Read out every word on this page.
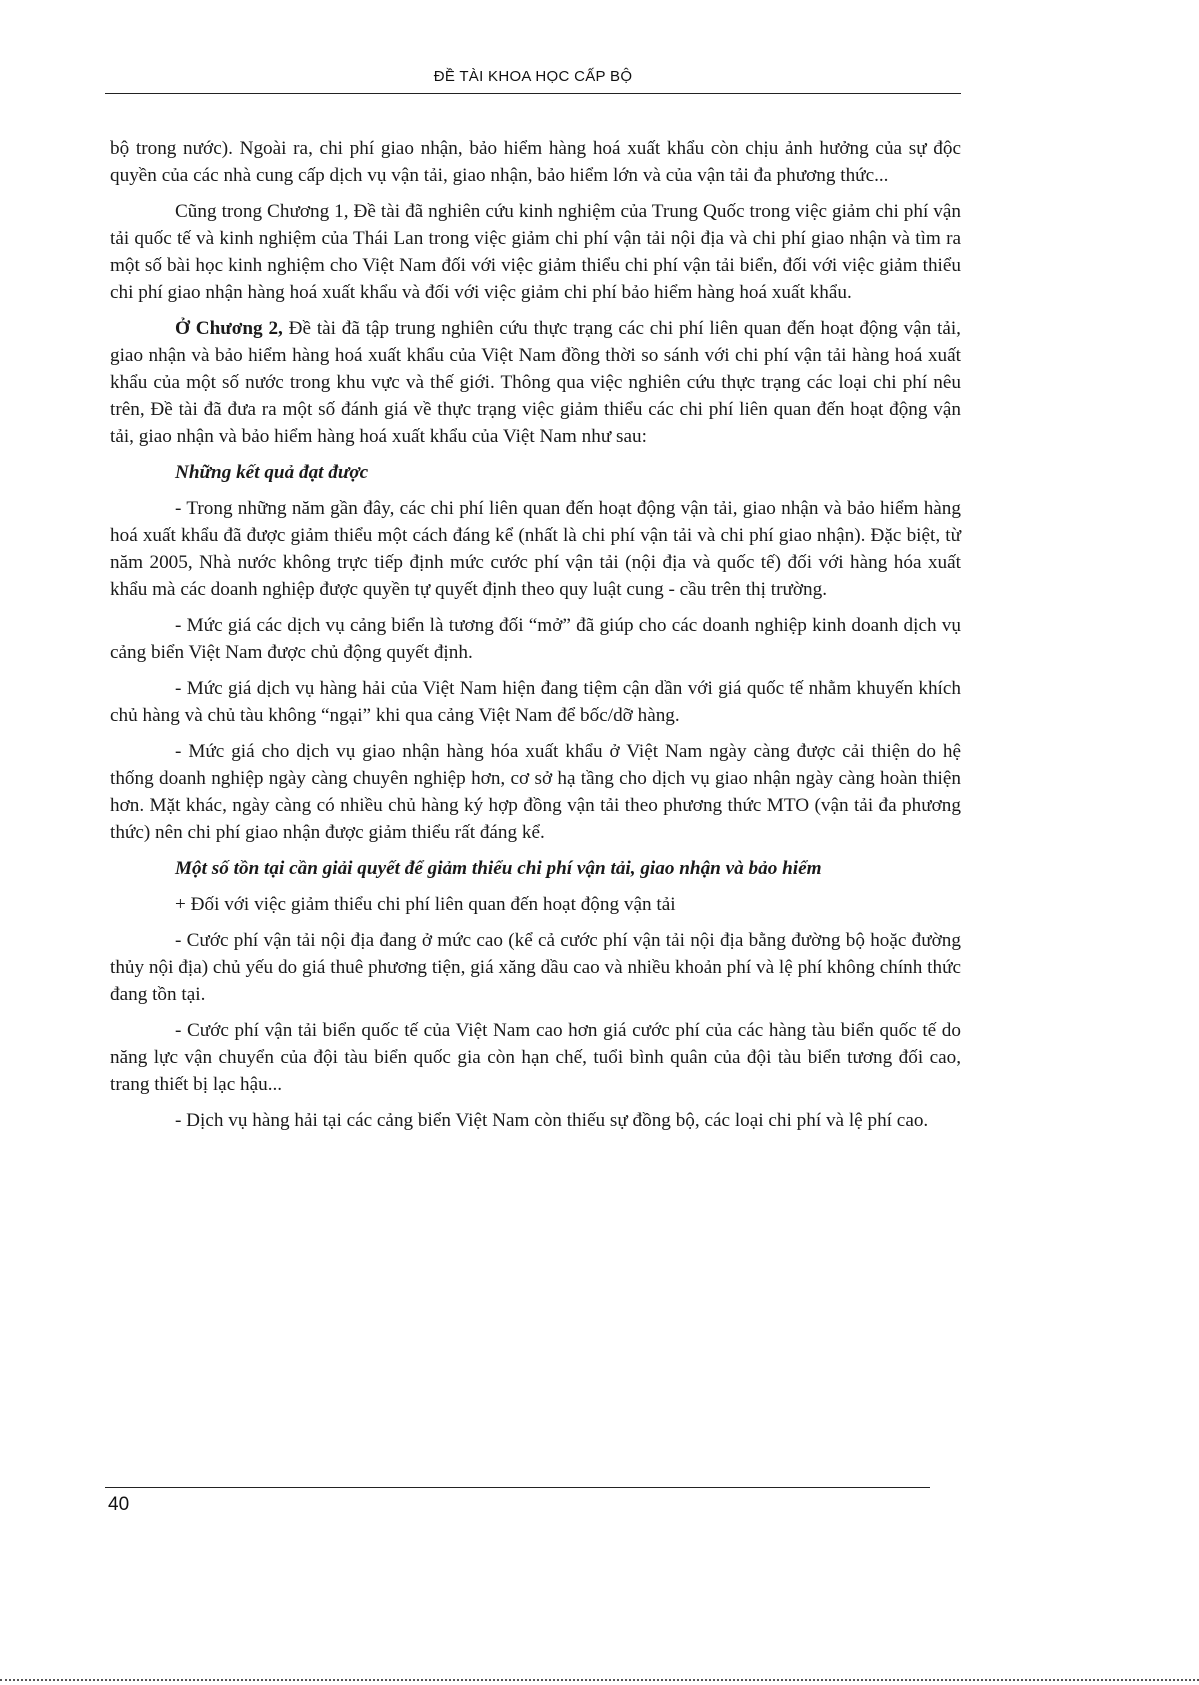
ĐỀ TÀI KHOA HỌC CẤP BỘ

bộ trong nước). Ngoài ra, chi phí giao nhận, bảo hiểm hàng hoá xuất khẩu còn chịu ảnh hưởng của sự độc quyền của các nhà cung cấp dịch vụ vận tải, giao nhận, bảo hiểm lớn và của vận tải đa phương thức...

Cũng trong Chương 1, Đề tài đã nghiên cứu kinh nghiệm của Trung Quốc trong việc giảm chi phí vận tải quốc tế và kinh nghiệm của Thái Lan trong việc giảm chi phí vận tải nội địa và chi phí giao nhận và tìm ra một số bài học kinh nghiệm cho Việt Nam đối với việc giảm thiểu chi phí vận tải biển, đối với việc giảm thiểu chi phí giao nhận hàng hoá xuất khẩu và đối với việc giảm chi phí bảo hiểm hàng hoá xuất khẩu.

Ở Chương 2, Đề tài đã tập trung nghiên cứu thực trạng các chi phí liên quan đến hoạt động vận tải, giao nhận và bảo hiểm hàng hoá xuất khẩu của Việt Nam đồng thời so sánh với chi phí vận tải hàng hoá xuất khẩu của một số nước trong khu vực và thế giới. Thông qua việc nghiên cứu thực trạng các loại chi phí nêu trên, Đề tài đã đưa ra một số đánh giá về thực trạng việc giảm thiểu các chi phí liên quan đến hoạt động vận tải, giao nhận và bảo hiểm hàng hoá xuất khẩu của Việt Nam như sau:

Những kết quả đạt được

- Trong những năm gần đây, các chi phí liên quan đến hoạt động vận tải, giao nhận và bảo hiểm hàng hoá xuất khẩu đã được giảm thiểu một cách đáng kể (nhất là chi phí vận tải và chi phí giao nhận). Đặc biệt, từ năm 2005, Nhà nước không trực tiếp định mức cước phí vận tải (nội địa và quốc tế) đối với hàng hóa xuất khẩu mà các doanh nghiệp được quyền tự quyết định theo quy luật cung - cầu trên thị trường.

- Mức giá các dịch vụ cảng biển là tương đối “mở” đã giúp cho các doanh nghiệp kinh doanh dịch vụ cảng biển Việt Nam được chủ động quyết định.

- Mức giá dịch vụ hàng hải của Việt Nam hiện đang tiệm cận dần với giá quốc tế nhằm khuyến khích chủ hàng và chủ tàu không “ngại” khi qua cảng Việt Nam để bốc/dỡ hàng.

- Mức giá cho dịch vụ giao nhận hàng hóa xuất khẩu ở Việt Nam ngày càng được cải thiện do hệ thống doanh nghiệp ngày càng chuyên nghiệp hơn, cơ sở hạ tầng cho dịch vụ giao nhận ngày càng hoàn thiện hơn. Mặt khác, ngày càng có nhiều chủ hàng ký hợp đồng vận tải theo phương thức MTO (vận tải đa phương thức) nên chi phí giao nhận được giảm thiểu rất đáng kể.

Một số tồn tại cần giải quyết để giảm thiểu chi phí vận tải, giao nhận và bảo hiểm

+ Đối với việc giảm thiểu chi phí liên quan đến hoạt động vận tải

- Cước phí vận tải nội địa đang ở mức cao (kể cả cước phí vận tải nội địa bằng đường bộ hoặc đường thủy nội địa) chủ yếu do giá thuê phương tiện, giá xăng dầu cao và nhiều khoản phí và lệ phí không chính thức đang tồn tại.

- Cước phí vận tải biển quốc tế của Việt Nam cao hơn giá cước phí của các hàng tàu biển quốc tế do năng lực vận chuyển của đội tàu biển quốc gia còn hạn chế, tuổi bình quân của đội tàu biển tương đối cao, trang thiết bị lạc hậu...

- Dịch vụ hàng hải tại các cảng biển Việt Nam còn thiếu sự đồng bộ, các loại chi phí và lệ phí cao.

40
